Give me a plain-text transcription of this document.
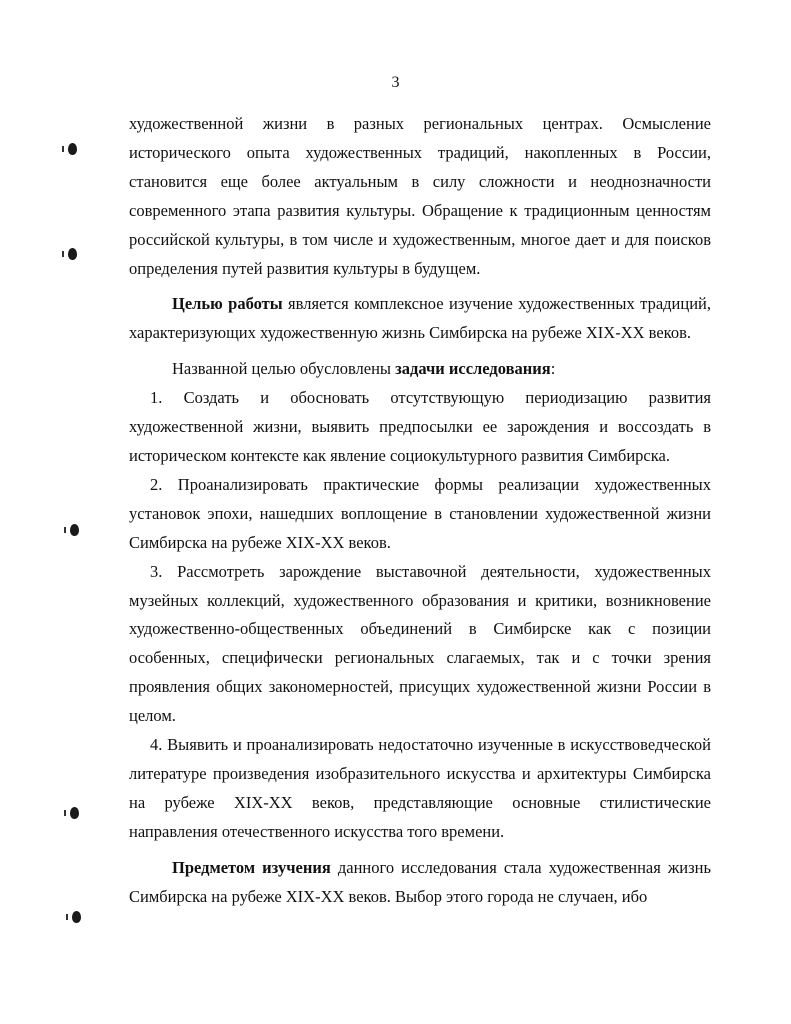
3

художественной жизни в разных региональных центрах. Осмысление исторического опыта художественных традиций, накопленных в России, становится еще более актуальным в силу сложности и неоднозначности современного этапа развития культуры. Обращение к традиционным ценностям российской культуры, в том числе и художественным, многое дает и для поисков определения путей развития культуры в будущем.

Целью работы является комплексное изучение художественных традиций, характеризующих художественную жизнь Симбирска на рубеже XIX-XX веков.

Названной целью обусловлены задачи исследования:

1. Создать и обосновать отсутствующую периодизацию развития художественной жизни, выявить предпосылки ее зарождения и воссоздать в историческом контексте как явление социокультурного развития Симбирска.

2. Проанализировать практические формы реализации художественных установок эпохи, нашедших воплощение в становлении художественной жизни Симбирска на рубеже XIX-XX веков.

3. Рассмотреть зарождение выставочной деятельности, художественных музейных коллекций, художественного образования и критики, возникновение художественно-общественных объединений в Симбирске как с позиции особенных, специфически региональных слагаемых, так и с точки зрения проявления общих закономерностей, присущих художественной жизни России в целом.

4. Выявить и проанализировать недостаточно изученные в искусствоведческой литературе произведения изобразительного искусства и архитектуры Симбирска на рубеже XIX-XX веков, представляющие основные стилистические направления отечественного искусства того времени.

Предметом изучения данного исследования стала художественная жизнь Симбирска на рубеже XIX-XX веков. Выбор этого города не случаен, ибо
